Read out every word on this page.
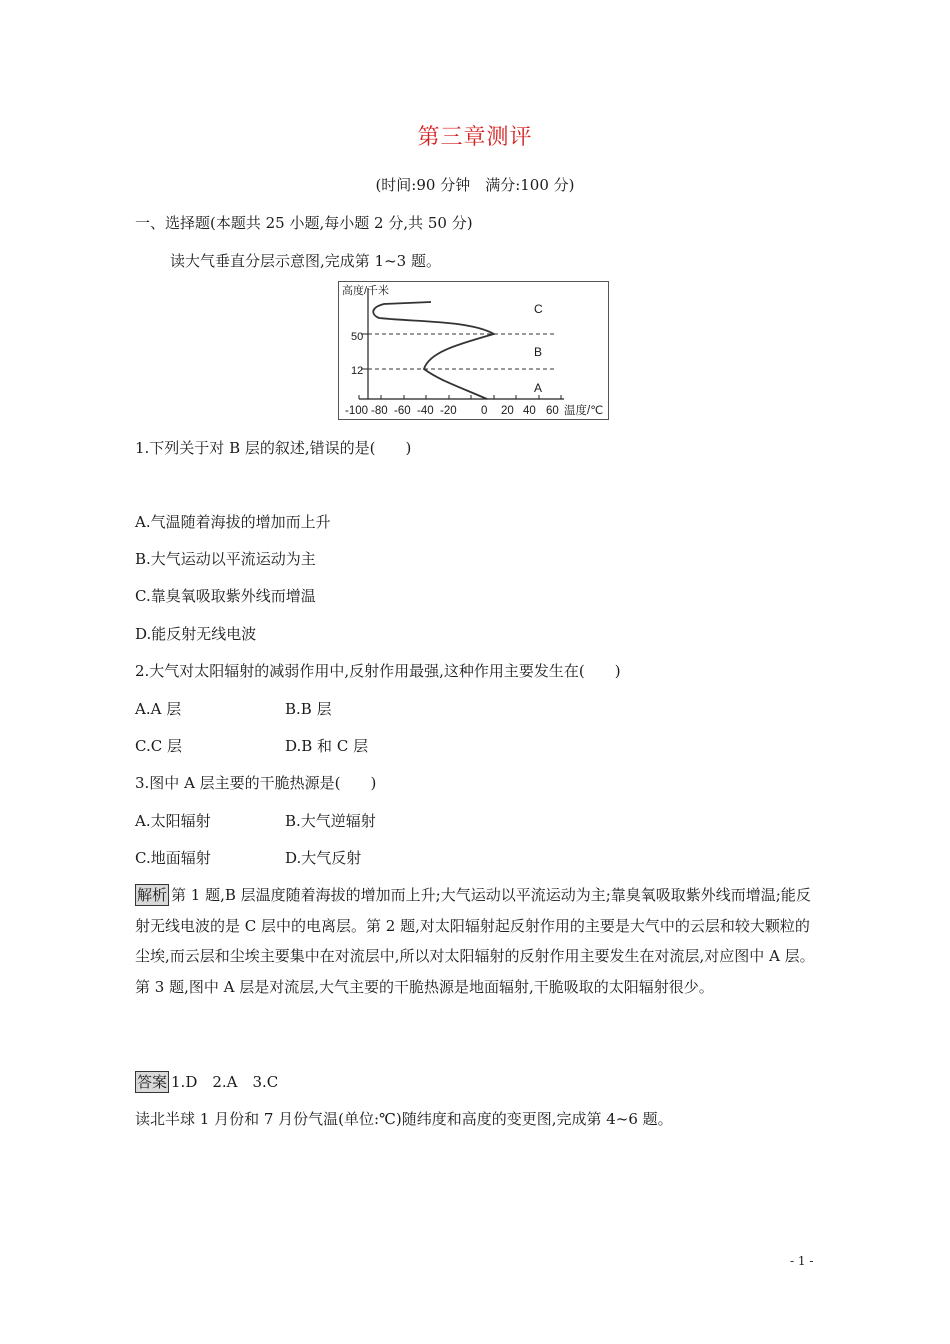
第三章测评
(时间:90 分钟　满分:100 分)
一、选择题(本题共 25 小题,每小题 2 分,共 50 分)
读大气垂直分层示意图,完成第 1~3 题。
高度/千米
50
12
C
B
A
-100 -80 -60 -40 -20 0 20 40 60 温度/℃
1.下列关于对 B 层的叙述,错误的是(　　)
A.气温随着海拔的增加而上升
B.大气运动以平流运动为主
C.靠臭氧吸取紫外线而增温
D.能反射无线电波
2.大气对太阳辐射的减弱作用中,反射作用最强,这种作用主要发生在(　　)
A.A 层	B.B 层
C.C 层	D.B 和 C 层
3.图中 A 层主要的干脆热源是(　　)
A.太阳辐射	B.大气逆辐射
C.地面辐射	D.大气反射
解析 第 1 题,B 层温度随着海拔的增加而上升;大气运动以平流运动为主;靠臭氧吸取紫外线而增温;能反射无线电波的是 C 层中的电离层。第 2 题,对太阳辐射起反射作用的主要是大气中的云层和较大颗粒的尘埃,而云层和尘埃主要集中在对流层中,所以对太阳辐射的反射作用主要发生在对流层,对应图中 A 层。第 3 题,图中 A 层是对流层,大气主要的干脆热源是地面辐射,干脆吸取的太阳辐射很少。
答案 1.D　2.A　3.C
读北半球 1 月份和 7 月份气温(单位:℃)随纬度和高度的变更图,完成第 4~6 题。
- 1 -
